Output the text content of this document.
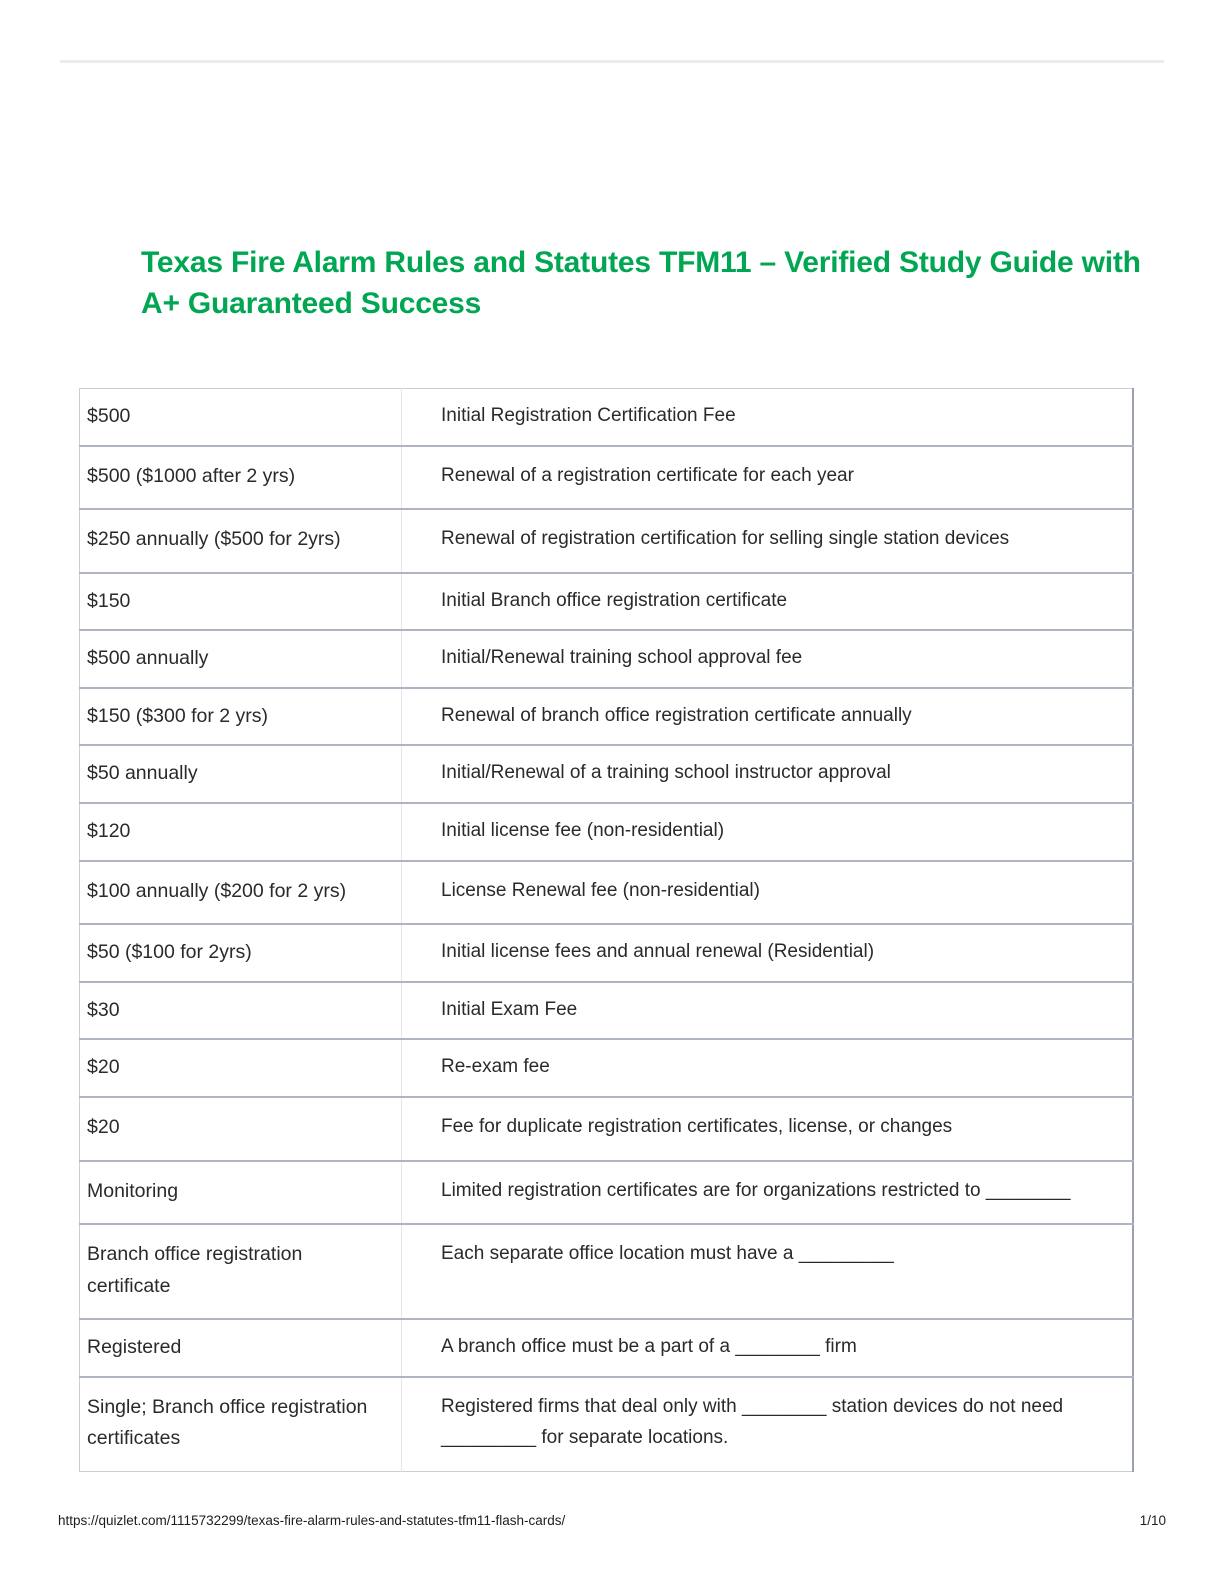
Texas Fire Alarm Rules and Statutes TFM11 – Verified Study Guide with A+ Guaranteed Success
$500	Initial Registration Certification Fee
$500 ($1000 after 2 yrs)	Renewal of a registration certificate for each year
$250 annually ($500 for 2yrs)	Renewal of registration certification for selling single station devices
$150	Initial Branch office registration certificate
$500 annually	Initial/Renewal training school approval fee
$150 ($300 for 2 yrs)	Renewal of branch office registration certificate annually
$50 annually	Initial/Renewal of a training school instructor approval
$120	Initial license fee (non-residential)
$100 annually ($200 for 2 yrs)	License Renewal fee (non-residential)
$50 ($100 for 2yrs)	Initial license fees and annual renewal (Residential)
$30	Initial Exam Fee
$20	Re-exam fee
$20	Fee for duplicate registration certificates, license, or changes
Monitoring	Limited registration certificates are for organizations restricted to ________
Branch office registration certificate	Each separate office location must have a _________
Registered	A branch office must be a part of a ________ firm
Single; Branch office registration certificates	Registered firms that deal only with ________ station devices do not need _________ for separate locations.
https://quizlet.com/1115732299/texas-fire-alarm-rules-and-statutes-tfm11-flash-cards/	1/10
